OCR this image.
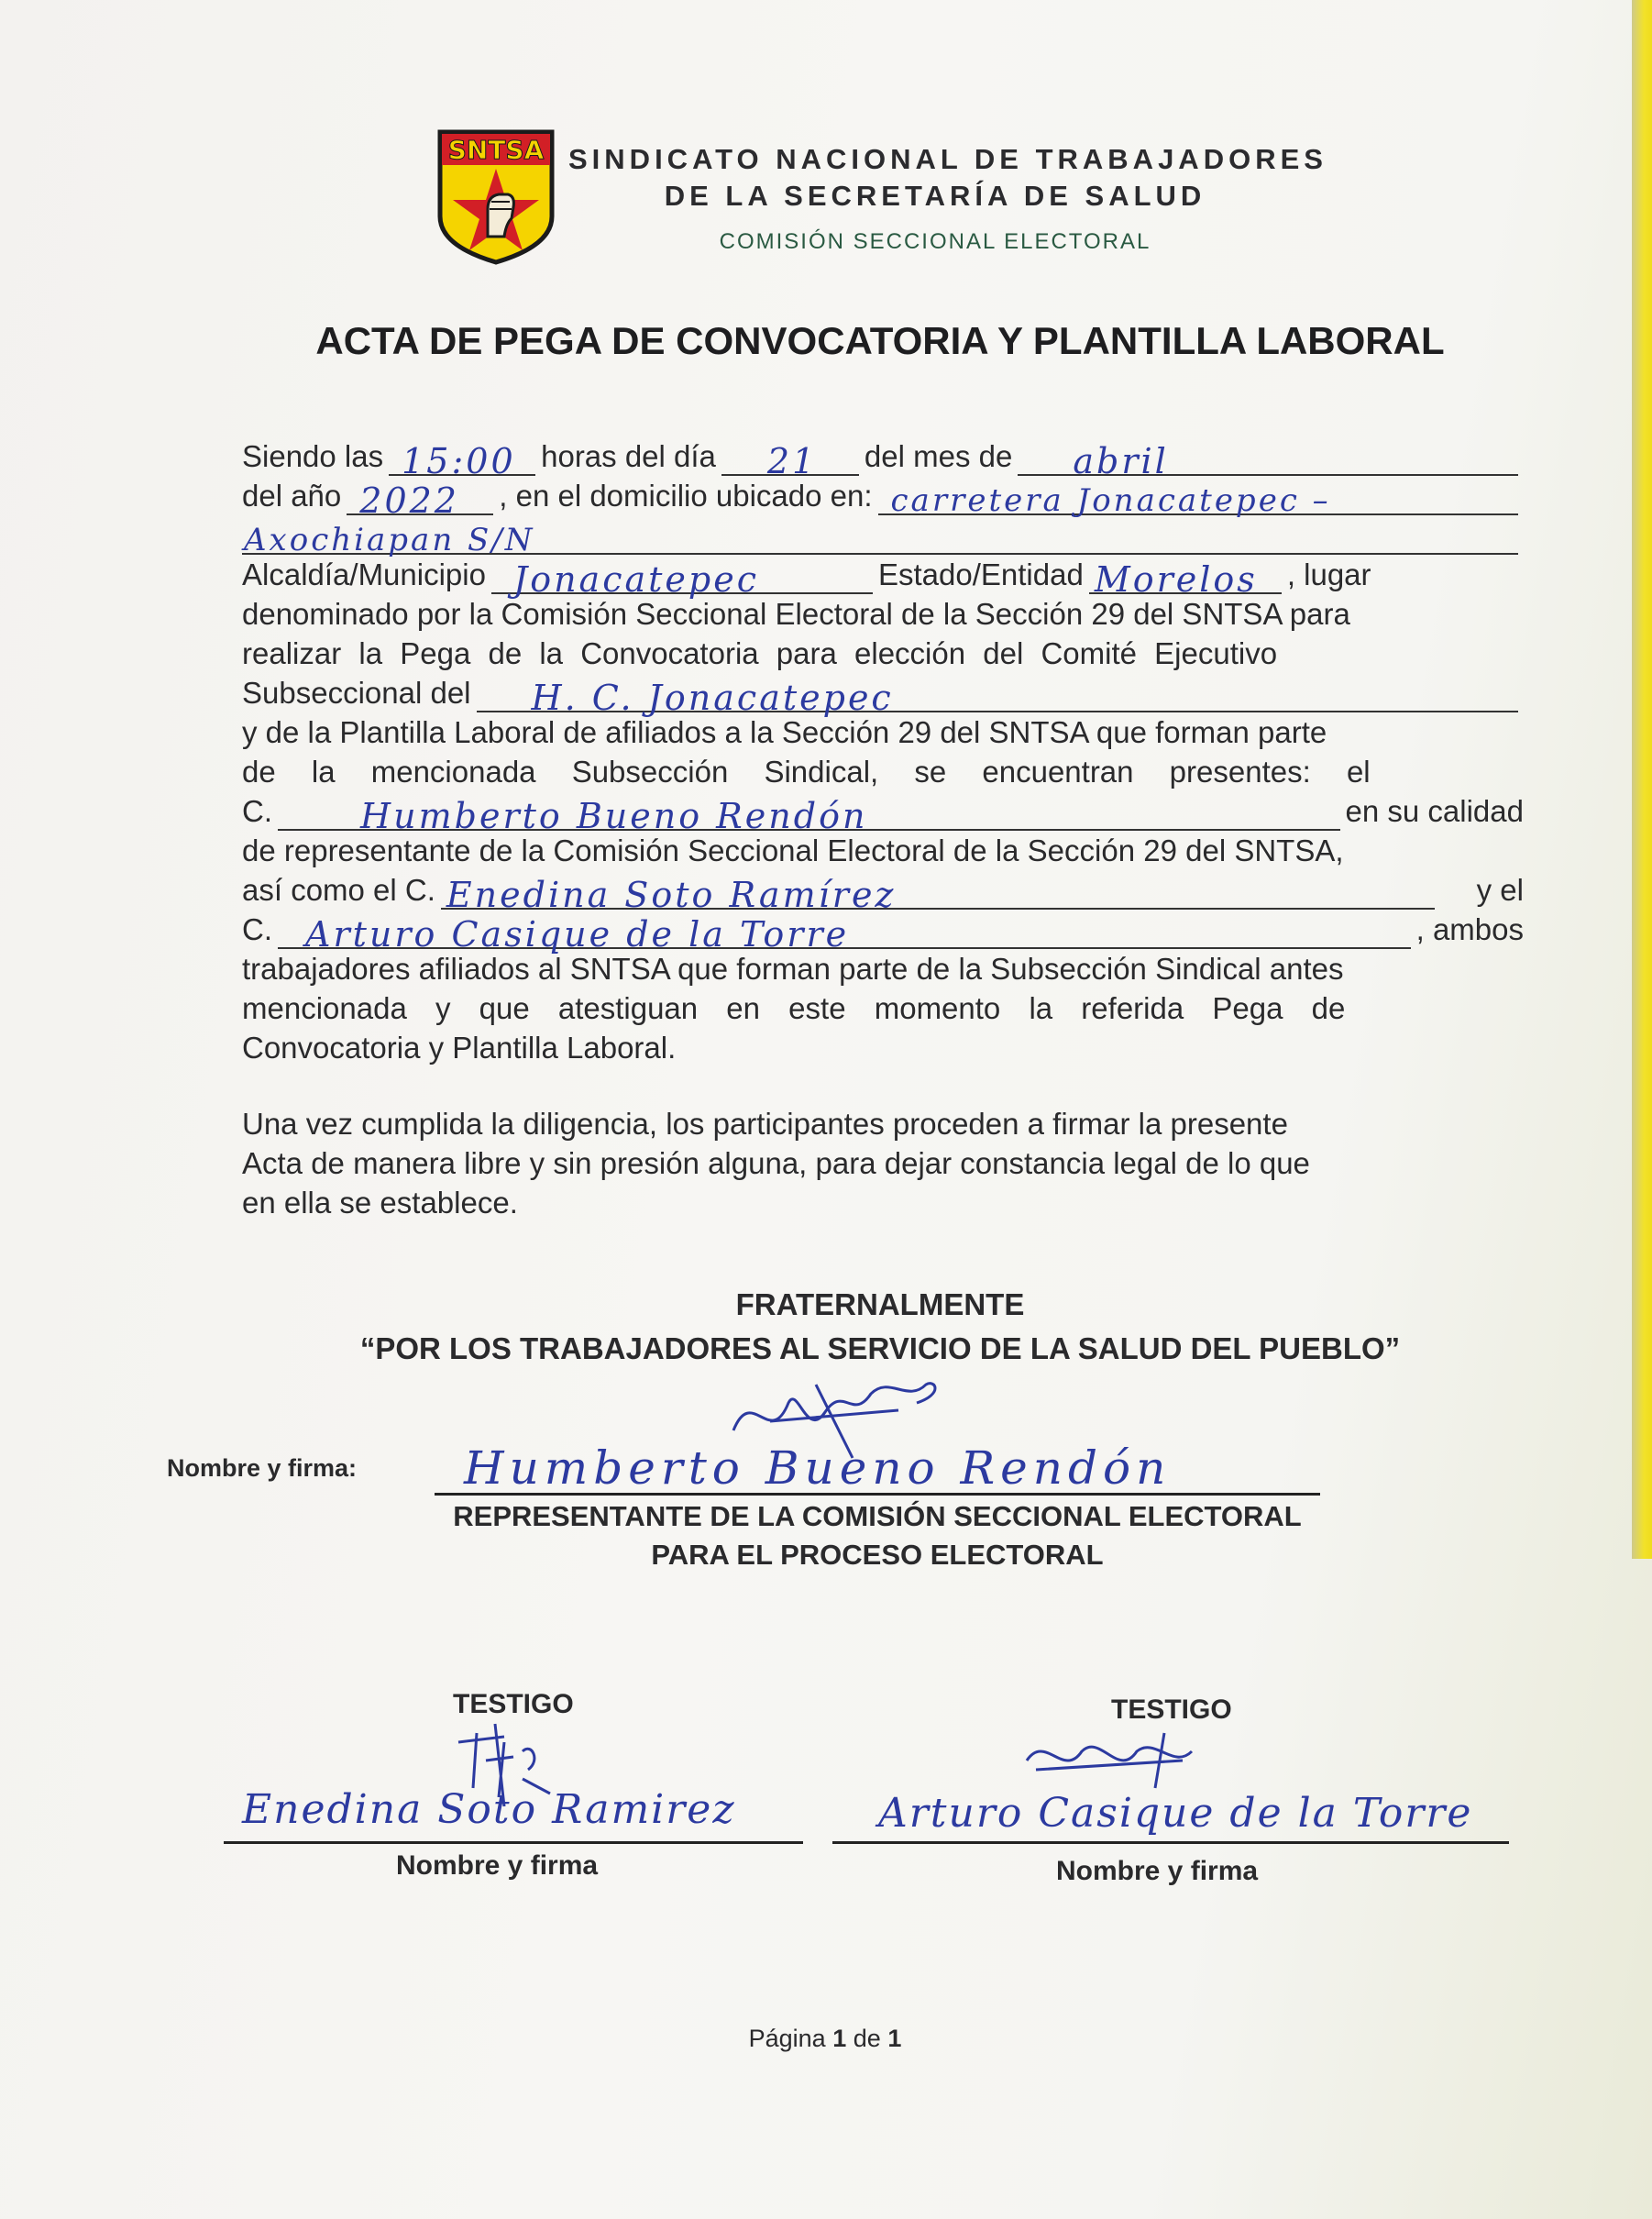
SNTSA SINDICATO NACIONAL DE TRABAJADORES
DE LA SECRETARÍA DE SALUD
COMISIÓN SECCIONAL ELECTORAL
ACTA DE PEGA DE CONVOCATORIA Y PLANTILLA LABORAL
Siendo las 15:00 horas del día 21 del mes de abril
del año 2022 , en el domicilio ubicado en: carretera Jonacatepec –
Axochiapan S/N
Alcaldía/Municipio Jonacatepec	Estado/Entidad Morelos , lugar
denominado por la Comisión Seccional Electoral de la Sección 29 del SNTSA para
realizar la Pega de la Convocatoria para elección del Comité Ejecutivo
Subseccional del H. C. Jonacatepec
y de la Plantilla Laboral de afiliados a la Sección 29 del SNTSA que forman parte
de la mencionada Subsección Sindical, se encuentran presentes: el
C.	Humberto Bueno Rendón	en su calidad
de representante de la Comisión Seccional Electoral de la Sección 29 del SNTSA,
así como el C. Enedina Soto Ramírez	y el
C. Arturo Casique de la Torre	, ambos
trabajadores afiliados al SNTSA que forman parte de la Subsección Sindical antes
mencionada y que atestiguan en este momento la referida Pega de
Convocatoria y Plantilla Laboral.
Una vez cumplida la diligencia, los participantes proceden a firmar la presente
Acta de manera libre y sin presión alguna, para dejar constancia legal de lo que
en ella se establece.
FRATERNALMENTE
“POR LOS TRABAJADORES AL SERVICIO DE LA SALUD DEL PUEBLO”
Nombre y firma: Humberto Bueno Rendón
REPRESENTANTE DE LA COMISIÓN SECCIONAL ELECTORAL
PARA EL PROCESO ELECTORAL
TESTIGO	TESTIGO
Enedina Soto Ramirez	Arturo Casique de la Torre
Nombre y firma	Nombre y firma
Página 1 de 1
